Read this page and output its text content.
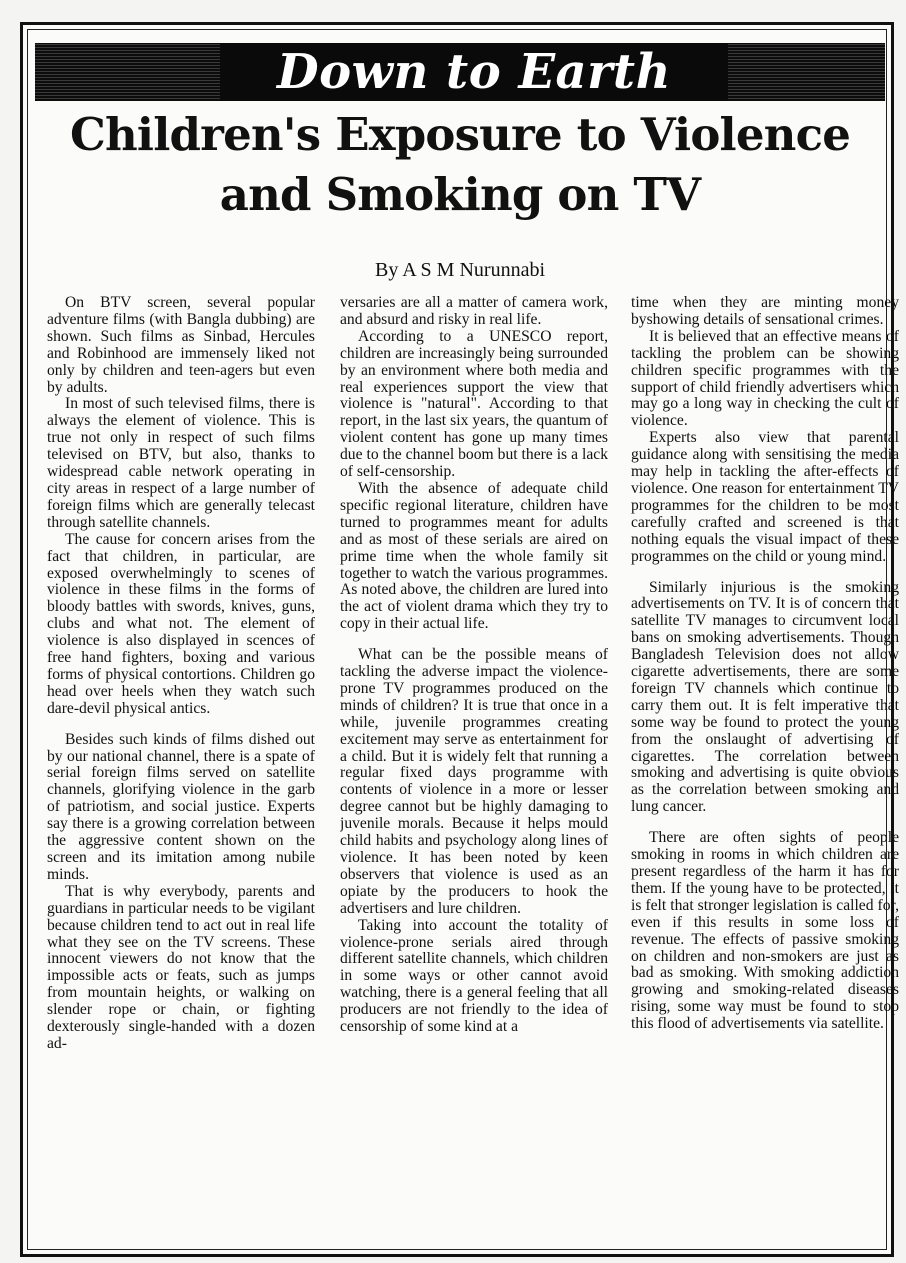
Down to Earth
Children's Exposure to Violence
and Smoking on TV
By A S M Nurunnabi

On BTV screen, several popular adventure films (with Bangla dubbing) are shown. Such films as Sinbad, Hercules and Robinhood are immensely liked not only by children and teen-agers but even by adults.

In most of such televised films, there is always the element of violence. This is true not only in respect of such films televised on BTV, but also, thanks to widespread cable network operating in city areas in respect of a large number of foreign films which are generally telecast through satellite channels.

The cause for concern arises from the fact that children, in particular, are exposed overwhelmingly to scenes of violence in these films in the forms of bloody battles with swords, knives, guns, clubs and what not. The element of violence is also displayed in scences of free hand fighters, boxing and various forms of physical contortions. Children go head over heels when they watch such dare-devil physical antics.

Besides such kinds of films dished out by our national channel, there is a spate of serial foreign films served on satellite channels, glorifying violence in the garb of patriotism, and social justice. Experts say there is a growing correlation between the aggressive content shown on the screen and its imitation among nubile minds.

That is why everybody, parents and guardians in particular needs to be vigilant because children tend to act out in real life what they see on the TV screens. These innocent viewers do not know that the impossible acts or feats, such as jumps from mountain heights, or walking on slender rope or chain, or fighting dexterously single-handed with a dozen ad-

versaries are all a matter of camera work, and absurd and risky in real life.

According to a UNESCO report, children are increasingly being surrounded by an environment where both media and real experiences support the view that violence is "natural". According to that report, in the last six years, the quantum of violent content has gone up many times due to the channel boom but there is a lack of self-censorship.

With the absence of adequate child specific regional literature, children have turned to programmes meant for adults and as most of these serials are aired on prime time when the whole family sit together to watch the various programmes. As noted above, the children are lured into the act of violent drama which they try to copy in their actual life.

What can be the possible means of tackling the adverse impact the violence-prone TV programmes produced on the minds of children? It is true that once in a while, juvenile programmes creating excitement may serve as entertainment for a child. But it is widely felt that running a regular fixed days programme with contents of violence in a more or lesser degree cannot but be highly damaging to juvenile morals. Because it helps mould child habits and psychology along lines of violence. It has been noted by keen observers that violence is used as an opiate by the producers to hook the advertisers and lure children.

Taking into account the totality of violence-prone serials aired through different satellite channels, which children in some ways or other cannot avoid watching, there is a general feeling that all producers are not friendly to the idea of censorship of some kind at a

time when they are minting money byshowing details of sensational crimes.

It is believed that an effective means of tackling the problem can be showing children specific programmes with the support of child friendly advertisers which may go a long way in checking the cult of violence.

Experts also view that parental guidance along with sensitising the media may help in tackling the after-effects of violence. One reason for entertainment TV programmes for the children to be most carefully crafted and screened is that nothing equals the visual impact of these programmes on the child or young mind.

Similarly injurious is the smoking advertisements on TV. It is of concern that satellite TV manages to circumvent local bans on smoking advertisements. Though Bangladesh Television does not allow cigarette advertisements, there are some foreign TV channels which continue to carry them out. It is felt imperative that some way be found to protect the young from the onslaught of advertising of cigarettes. The correlation between smoking and advertising is quite obvious as the correlation between smoking and lung cancer.

There are often sights of people smoking in rooms in which children are present regardless of the harm it has for them. If the young have to be protected, it is felt that stronger legislation is called for, even if this results in some loss of revenue. The effects of passive smoking on children and non-smokers are just as bad as smoking. With smoking addiction growing and smoking-related diseases rising, some way must be found to stop this flood of advertisements via satellite.
